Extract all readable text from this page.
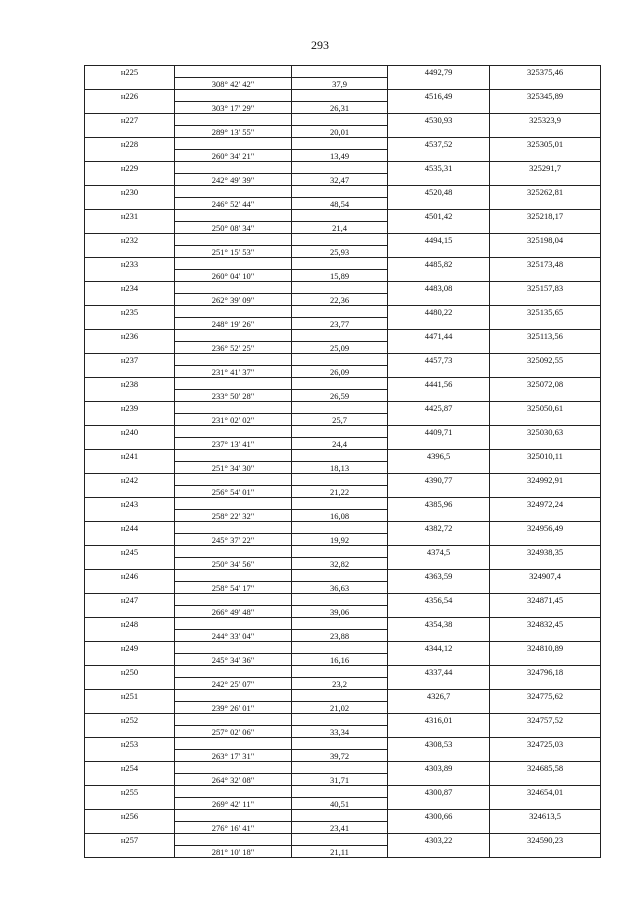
293
н225			4492,79	325375,46
	308° 42' 42"	37,9		
н226			4516,49	325345,89
	303° 17' 29"	26,31		
н227			4530,93	325323,9
	289° 13' 55"	20,01		
н228			4537,52	325305,01
	260° 34' 21"	13,49		
н229			4535,31	325291,7
	242° 49' 39"	32,47		
н230			4520,48	325262,81
	246° 52' 44"	48,54		
н231			4501,42	325218,17
	250° 08' 34"	21,4		
н232			4494,15	325198,04
	251° 15' 53"	25,93		
н233			4485,82	325173,48
	260° 04' 10"	15,89		
н234			4483,08	325157,83
	262° 39' 09"	22,36		
н235			4480,22	325135,65
	248° 19' 26"	23,77		
н236			4471,44	325113,56
	236° 52' 25"	25,09		
н237			4457,73	325092,55
	231° 41' 37"	26,09		
н238			4441,56	325072,08
	233° 50' 28"	26,59		
н239			4425,87	325050,61
	231° 02' 02"	25,7		
н240			4409,71	325030,63
	237° 13' 41"	24,4		
н241			4396,5	325010,11
	251° 34' 30"	18,13		
н242			4390,77	324992,91
	256° 54' 01"	21,22		
н243			4385,96	324972,24
	258° 22' 32"	16,08		
н244			4382,72	324956,49
	245° 37' 22"	19,92		
н245			4374,5	324938,35
	250° 34' 56"	32,82		
н246			4363,59	324907,4
	258° 54' 17"	36,63		
н247			4356,54	324871,45
	266° 49' 48"	39,06		
н248			4354,38	324832,45
	244° 33' 04"	23,88		
н249			4344,12	324810,89
	245° 34' 36"	16,16		
н250			4337,44	324796,18
	242° 25' 07"	23,2		
н251			4326,7	324775,62
	239° 26' 01"	21,02		
н252			4316,01	324757,52
	257° 02' 06"	33,34		
н253			4308,53	324725,03
	263° 17' 31"	39,72		
н254			4303,89	324685,58
	264° 32' 08"	31,71		
н255			4300,87	324654,01
	269° 42' 11"	40,51		
н256			4300,66	324613,5
	276° 16' 41"	23,41		
н257			4303,22	324590,23
	281° 10' 18"	21,11		
